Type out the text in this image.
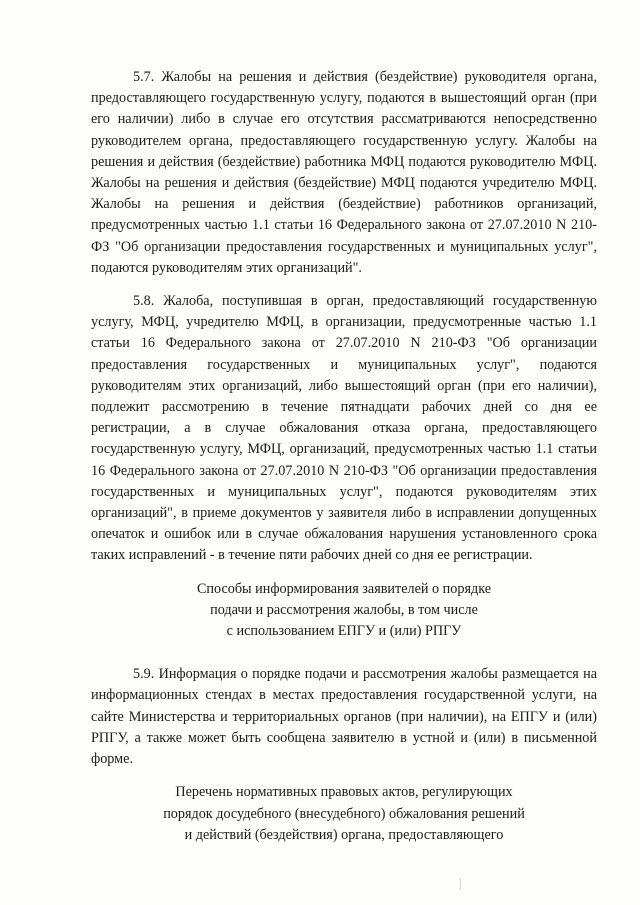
5.7. Жалобы на решения и действия (бездействие) руководителя органа, предоставляющего государственную услугу, подаются в вышестоящий орган (при его наличии) либо в случае его отсутствия рассматриваются непосредственно руководителем органа, предоставляющего государственную услугу. Жалобы на решения и действия (бездействие) работника МФЦ подаются руководителю МФЦ. Жалобы на решения и действия (бездействие) МФЦ подаются учредителю МФЦ. Жалобы на решения и действия (бездействие) работников организаций, предусмотренных частью 1.1 статьи 16 Федерального закона от 27.07.2010 N 210-ФЗ "Об организации предоставления государственных и муниципальных услуг", подаются руководителям этих организаций".

5.8. Жалоба, поступившая в орган, предоставляющий государственную услугу, МФЦ, учредителю МФЦ, в организации, предусмотренные частью 1.1 статьи 16 Федерального закона от 27.07.2010 N 210-ФЗ "Об организации предоставления государственных и муниципальных услуг", подаются руководителям этих организаций, либо вышестоящий орган (при его наличии), подлежит рассмотрению в течение пятнадцати рабочих дней со дня ее регистрации, а в случае обжалования отказа органа, предоставляющего государственную услугу, МФЦ, организаций, предусмотренных частью 1.1 статьи 16 Федерального закона от 27.07.2010 N 210-ФЗ "Об организации предоставления государственных и муниципальных услуг", подаются руководителям этих организаций", в приеме документов у заявителя либо в исправлении допущенных опечаток и ошибок или в случае обжалования нарушения установленного срока таких исправлений - в течение пяти рабочих дней со дня ее регистрации.

Способы информирования заявителей о порядке
подачи и рассмотрения жалобы, в том числе
с использованием ЕПГУ и (или) РПГУ

5.9. Информация о порядке подачи и рассмотрения жалобы размещается на информационных стендах в местах предоставления государственной услуги, на сайте Министерства и территориальных органов (при наличии), на ЕПГУ и (или) РПГУ, а также может быть сообщена заявителю в устной и (или) в письменной форме.

Перечень нормативных правовых актов, регулирующих
порядок досудебного (внесудебного) обжалования решений
и действий (бездействия) органа, предоставляющего
